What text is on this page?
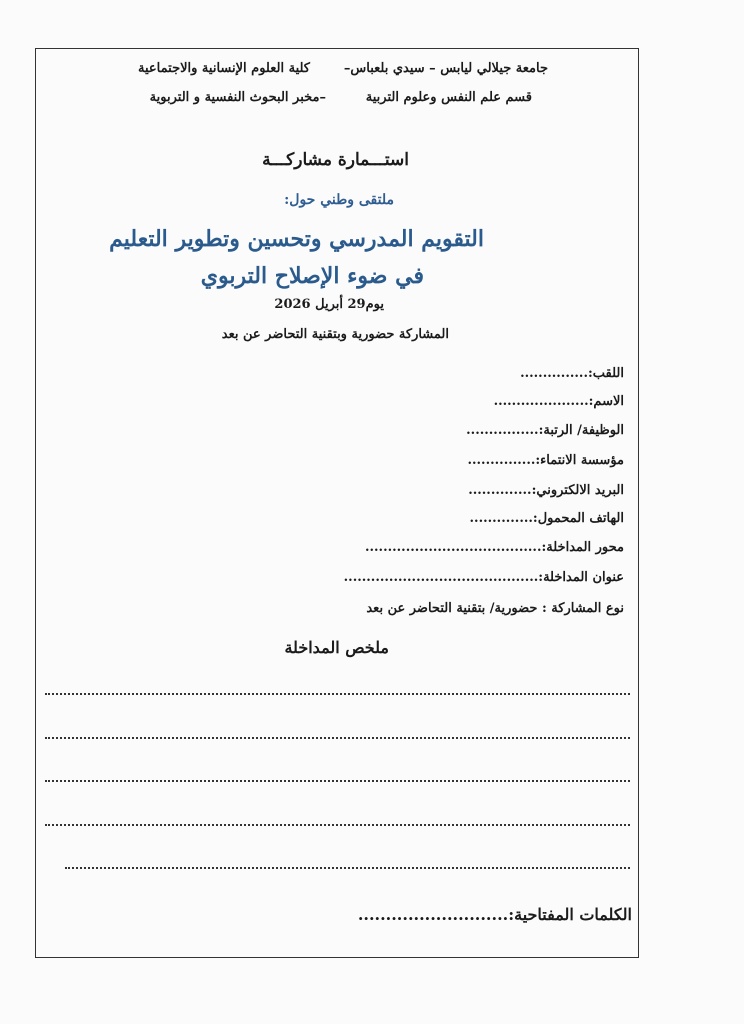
جامعة جيلالي ليابس – سيدي بلعباس–
كلية العلوم الإنسانية والاجتماعية
قسم علم النفس وعلوم التربية
–مخبر البحوث النفسية و التربوية
استـــمارة مشاركـــة
ملتقى وطني حول:
التقويم المدرسي وتحسين وتطوير التعليم
في ضوء الإصلاح التربوي
يوم29 أبريل 2026
المشاركة حضورية وبتقنية التحاضر عن بعد
اللقب:...............
الاسم:.....................
الوظيفة/ الرتبة:................
مؤسسة الانتماء:...............
البريد الالكتروني:..............
الهاتف المحمول:..............
محور المداخلة:.......................................
عنوان المداخلة:...........................................
نوع المشاركة : حضورية/ بتقنية التحاضر عن بعد
ملخص المداخلة
الكلمات المفتاحية:...........................
